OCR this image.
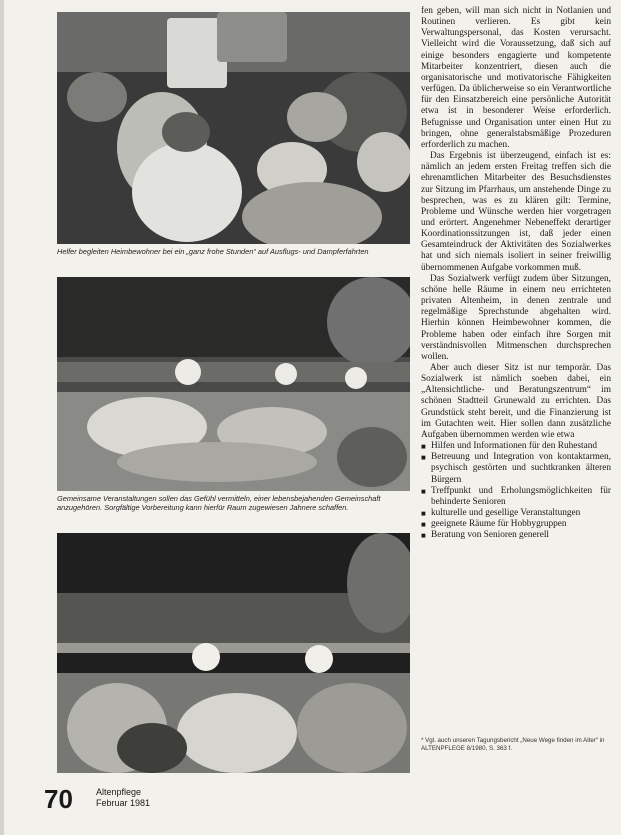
Helfer begleiten Heimbewohner bei ein „ganz frohe Stunden“ auf Ausflugs- und Dampferfahrten
Gemeinsame Veranstaltungen sollen das Gefühl vermitteln, einer lebensbejahenden Gemeinschaft anzugehören. Sorgfältige Vorbereitung kann hierfür Raum zugewiesen Jahnere schaffen.

fen geben, will man sich nicht in Notlanien und Routinen verlieren. Es gibt kein Verwaltungspersonal, das Kosten verursacht. Vielleicht wird die Voraussetzung, daß sich auf einige besonders engagierte und kompetente Mitarbeiter konzentriert, diesen auch die organisatorische und motivatorische Fähigkeiten verfügen. Da üblicherweise so ein Verantwortliche für den Einsatzbereich eine persönliche Autorität etwa ist in besonderer Weise erforderlich. Befugnisse und Organisation unter einen Hut zu bringen, ohne generalstabsmäßige Prozeduren erforderlich zu machen.

Das Ergebnis ist überzeugend, einfach ist es: nämlich an jedem ersten Freitag treffen sich die ehrenamtlichen Mitarbeiter des Besuchsdienstes zur Sitzung im Pfarrhaus, um anstehende Dinge zu besprechen, was es zu klären gilt: Termine, Probleme und Wünsche werden hier vorgetragen und erörtert. Angenehmer Nebeneffekt derartiger Koordinationssitzungen ist, daß jeder einen Gesamteindruck der Aktivitäten des Sozialwerkes hat und sich niemals isoliert in seiner freiwillig übernommenen Aufgabe vorkommen muß.

Das Sozialwerk verfügt zudem über Sitzungen, schöne helle Räume in einem neu errichteten privaten Altenheim, in denen zentrale und regelmäßige Sprechstunde abgehalten wird. Hierhin können Heimbewohner kommen, die Probleme haben oder einfach ihre Sorgen mit verständnisvollen Mitmenschen durchsprechen wollen.

Aber auch dieser Sitz ist nur temporär. Das Sozialwerk ist nämlich soeben dabei, ein „Altensichtliche- und Beratungszentrum“ im schönen Stadtteil Grunewald zu errichten. Das Grundstück steht bereit, und die Finanzierung ist im Gutachten weit. Hier sollen dann zusätzliche Aufgaben übernommen werden wie etwa

■ Hilfen und Informationen für den Ruhestand
■ Betreuung und Integration von kontaktarmen, psychisch gestörten und suchtkranken älteren Bürgern
■ Treffpunkt und Erholungsmöglichkeiten für behinderte Senioren
■ kulturelle und gesellige Veranstaltungen
■ geeignete Räume für Hobbygruppen
■ Beratung von Senioren generell
* Vgl. auch unseren Tagungsbericht „Neue Wege finden im Alter“ in ALTENPFLEGE 8/1980, S. 363 f.
70	Altenpflege
Februar 1981
